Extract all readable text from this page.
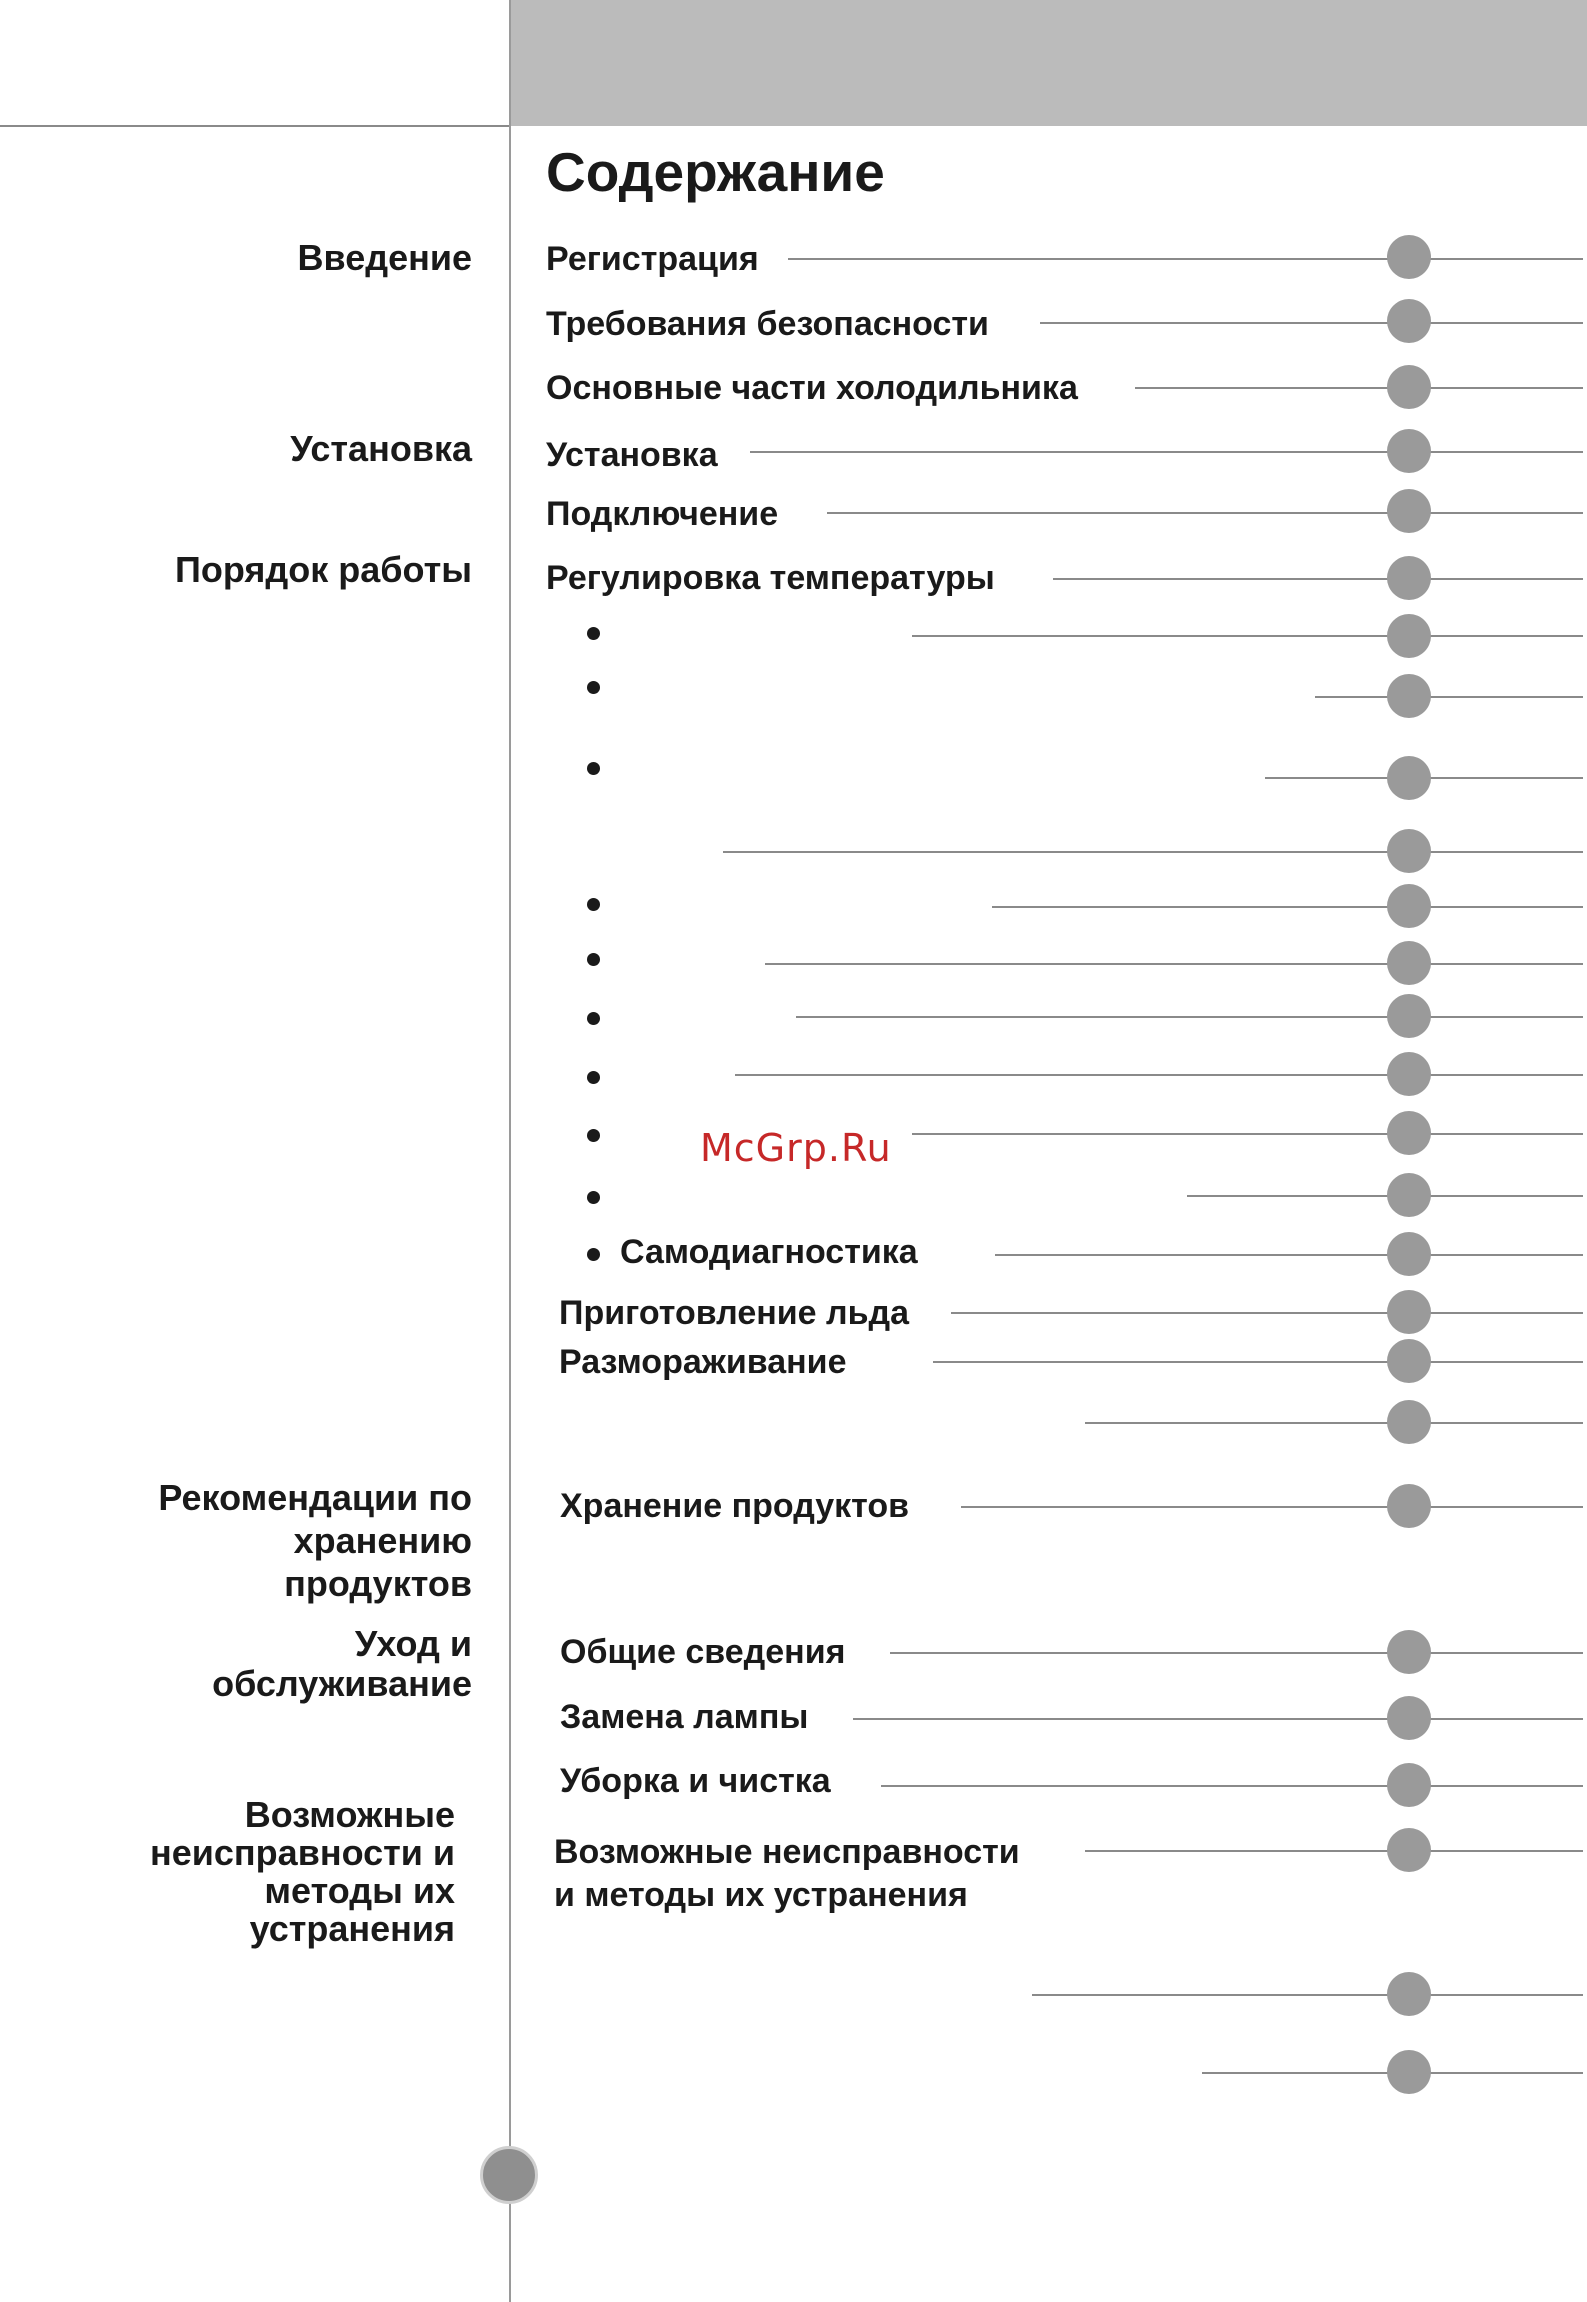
Содержание
Введение
Установка
Порядок работы
Рекомендации по
хранению
продуктов
Уход и
обслуживание
Возможные
неисправности и
методы их
устранения
Регистрация
Требования безопасности
Основные части холодильника
Установка
Подключение
Регулировка температуры
Самодиагностика
Приготовление льда
Размораживание
Хранение продуктов
Общие сведения
Замена лампы
Уборка и чистка
Возможные неисправности
и методы их устранения
McGrp.Ru
